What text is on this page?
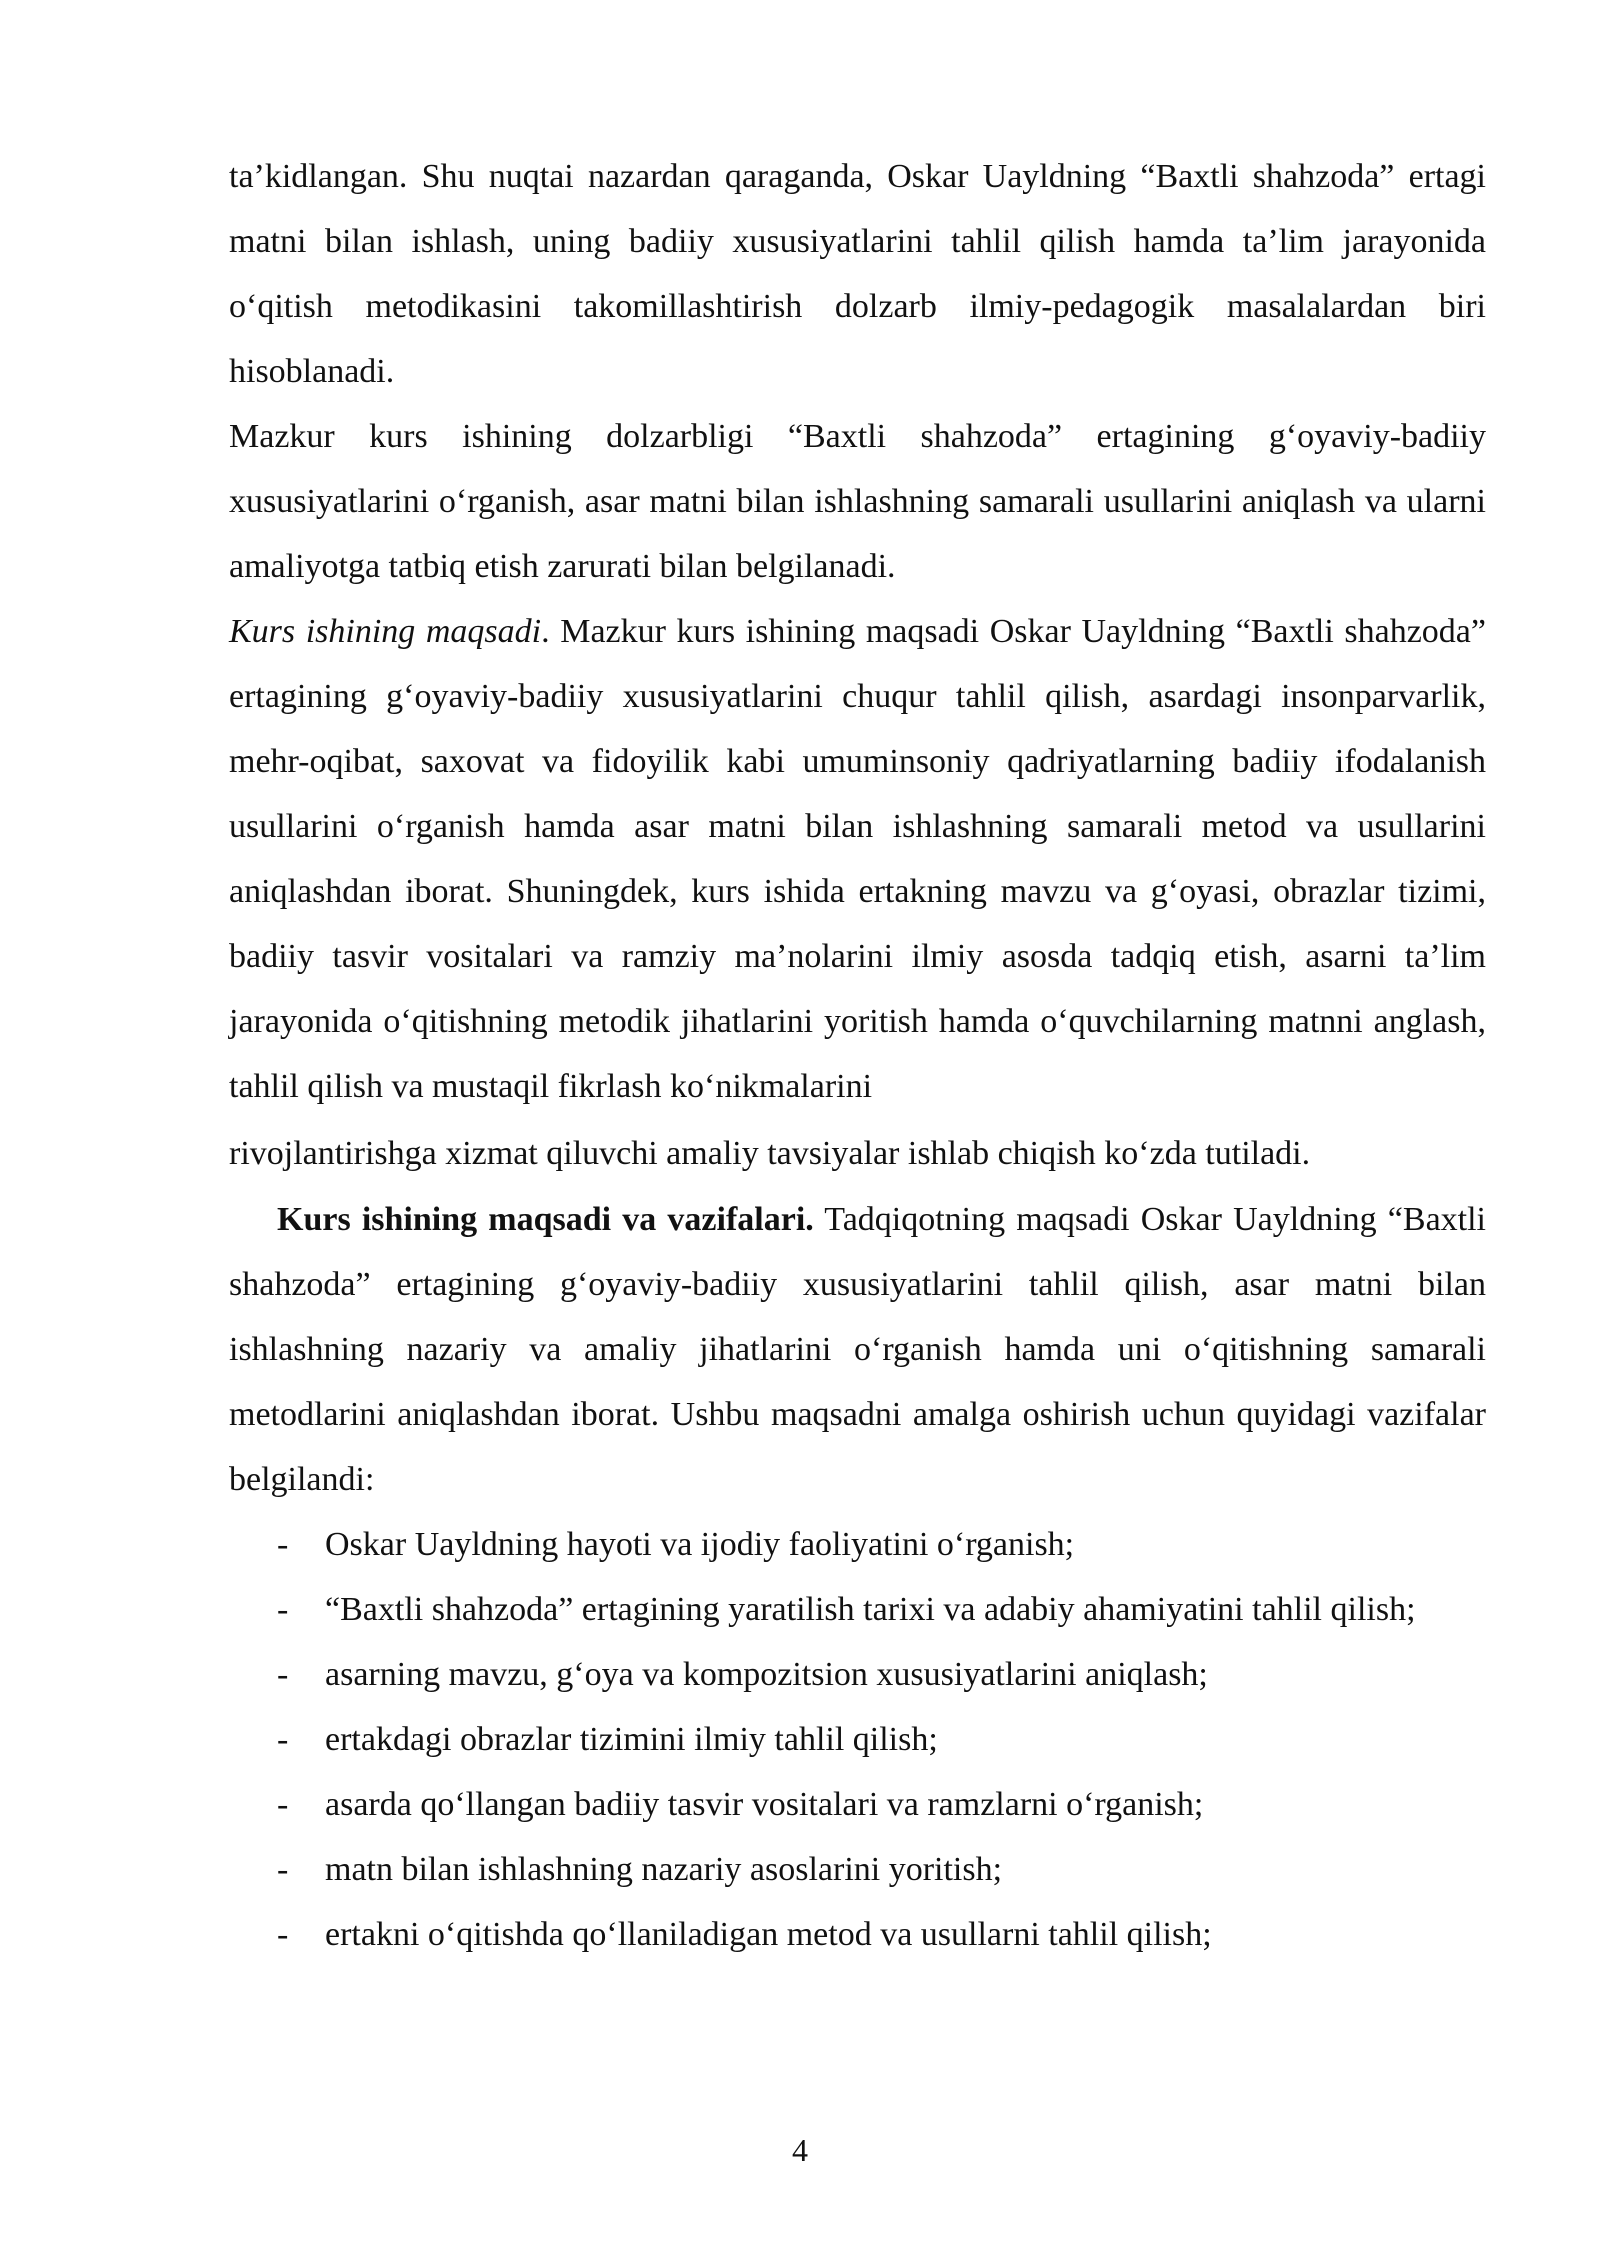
ta’kidlangan. Shu nuqtai nazardan qaraganda, Oskar Uayldning “Baxtli shahzoda” ertagi matni bilan ishlash, uning badiiy xususiyatlarini tahlil qilish hamda ta’lim jarayonida o‘qitish metodikasini takomillashtirish dolzarb ilmiy-pedagogik masalalardan biri hisoblanadi.

Mazkur kurs ishining dolzarbligi “Baxtli shahzoda” ertagining g‘oyaviy-badiiy xususiyatlarini o‘rganish, asar matni bilan ishlashning samarali usullarini aniqlash va ularni amaliyotga tatbiq etish zarurati bilan belgilanadi.

Kurs ishining maqsadi. Mazkur kurs ishining maqsadi Oskar Uayldning “Baxtli shahzoda” ertagining g‘oyaviy-badiiy xususiyatlarini chuqur tahlil qilish, asardagi insonparvarlik, mehr-oqibat, saxovat va fidoyilik kabi umuminsoniy qadriyatlarning badiiy ifodalanish usullarini o‘rganish hamda asar matni bilan ishlashning samarali metod va usullarini aniqlashdan iborat. Shuningdek, kurs ishida ertakning mavzu va g‘oyasi, obrazlar tizimi, badiiy tasvir vositalari va ramziy ma’nolarini ilmiy asosda tadqiq etish, asarni ta’lim jarayonida o‘qitishning metodik jihatlarini yoritish hamda o‘quvchilarning matnni anglash, tahlil qilish va mustaqil fikrlash ko‘nikmalarini

rivojlantirishga xizmat qiluvchi amaliy tavsiyalar ishlab chiqish ko‘zda tutiladi.

Kurs ishining maqsadi va vazifalari. Tadqiqotning maqsadi Oskar Uayldning “Baxtli shahzoda” ertagining g‘oyaviy-badiiy xususiyatlarini tahlil qilish, asar matni bilan ishlashning nazariy va amaliy jihatlarini o‘rganish hamda uni o‘qitishning samarali metodlarini aniqlashdan iborat. Ushbu maqsadni amalga oshirish uchun quyidagi vazifalar belgilandi:

- Oskar Uayldning hayoti va ijodiy faoliyatini o‘rganish;
- “Baxtli shahzoda” ertagining yaratilish tarixi va adabiy ahamiyatini tahlil qilish;
- asarning mavzu, g‘oya va kompozitsion xususiyatlarini aniqlash;
- ertakdagi obrazlar tizimini ilmiy tahlil qilish;
- asarda qo‘llangan badiiy tasvir vositalari va ramzlarni o‘rganish;
- matn bilan ishlashning nazariy asoslarini yoritish;
- ertakni o‘qitishda qo‘llaniladigan metod va usullarni tahlil qilish;
4
